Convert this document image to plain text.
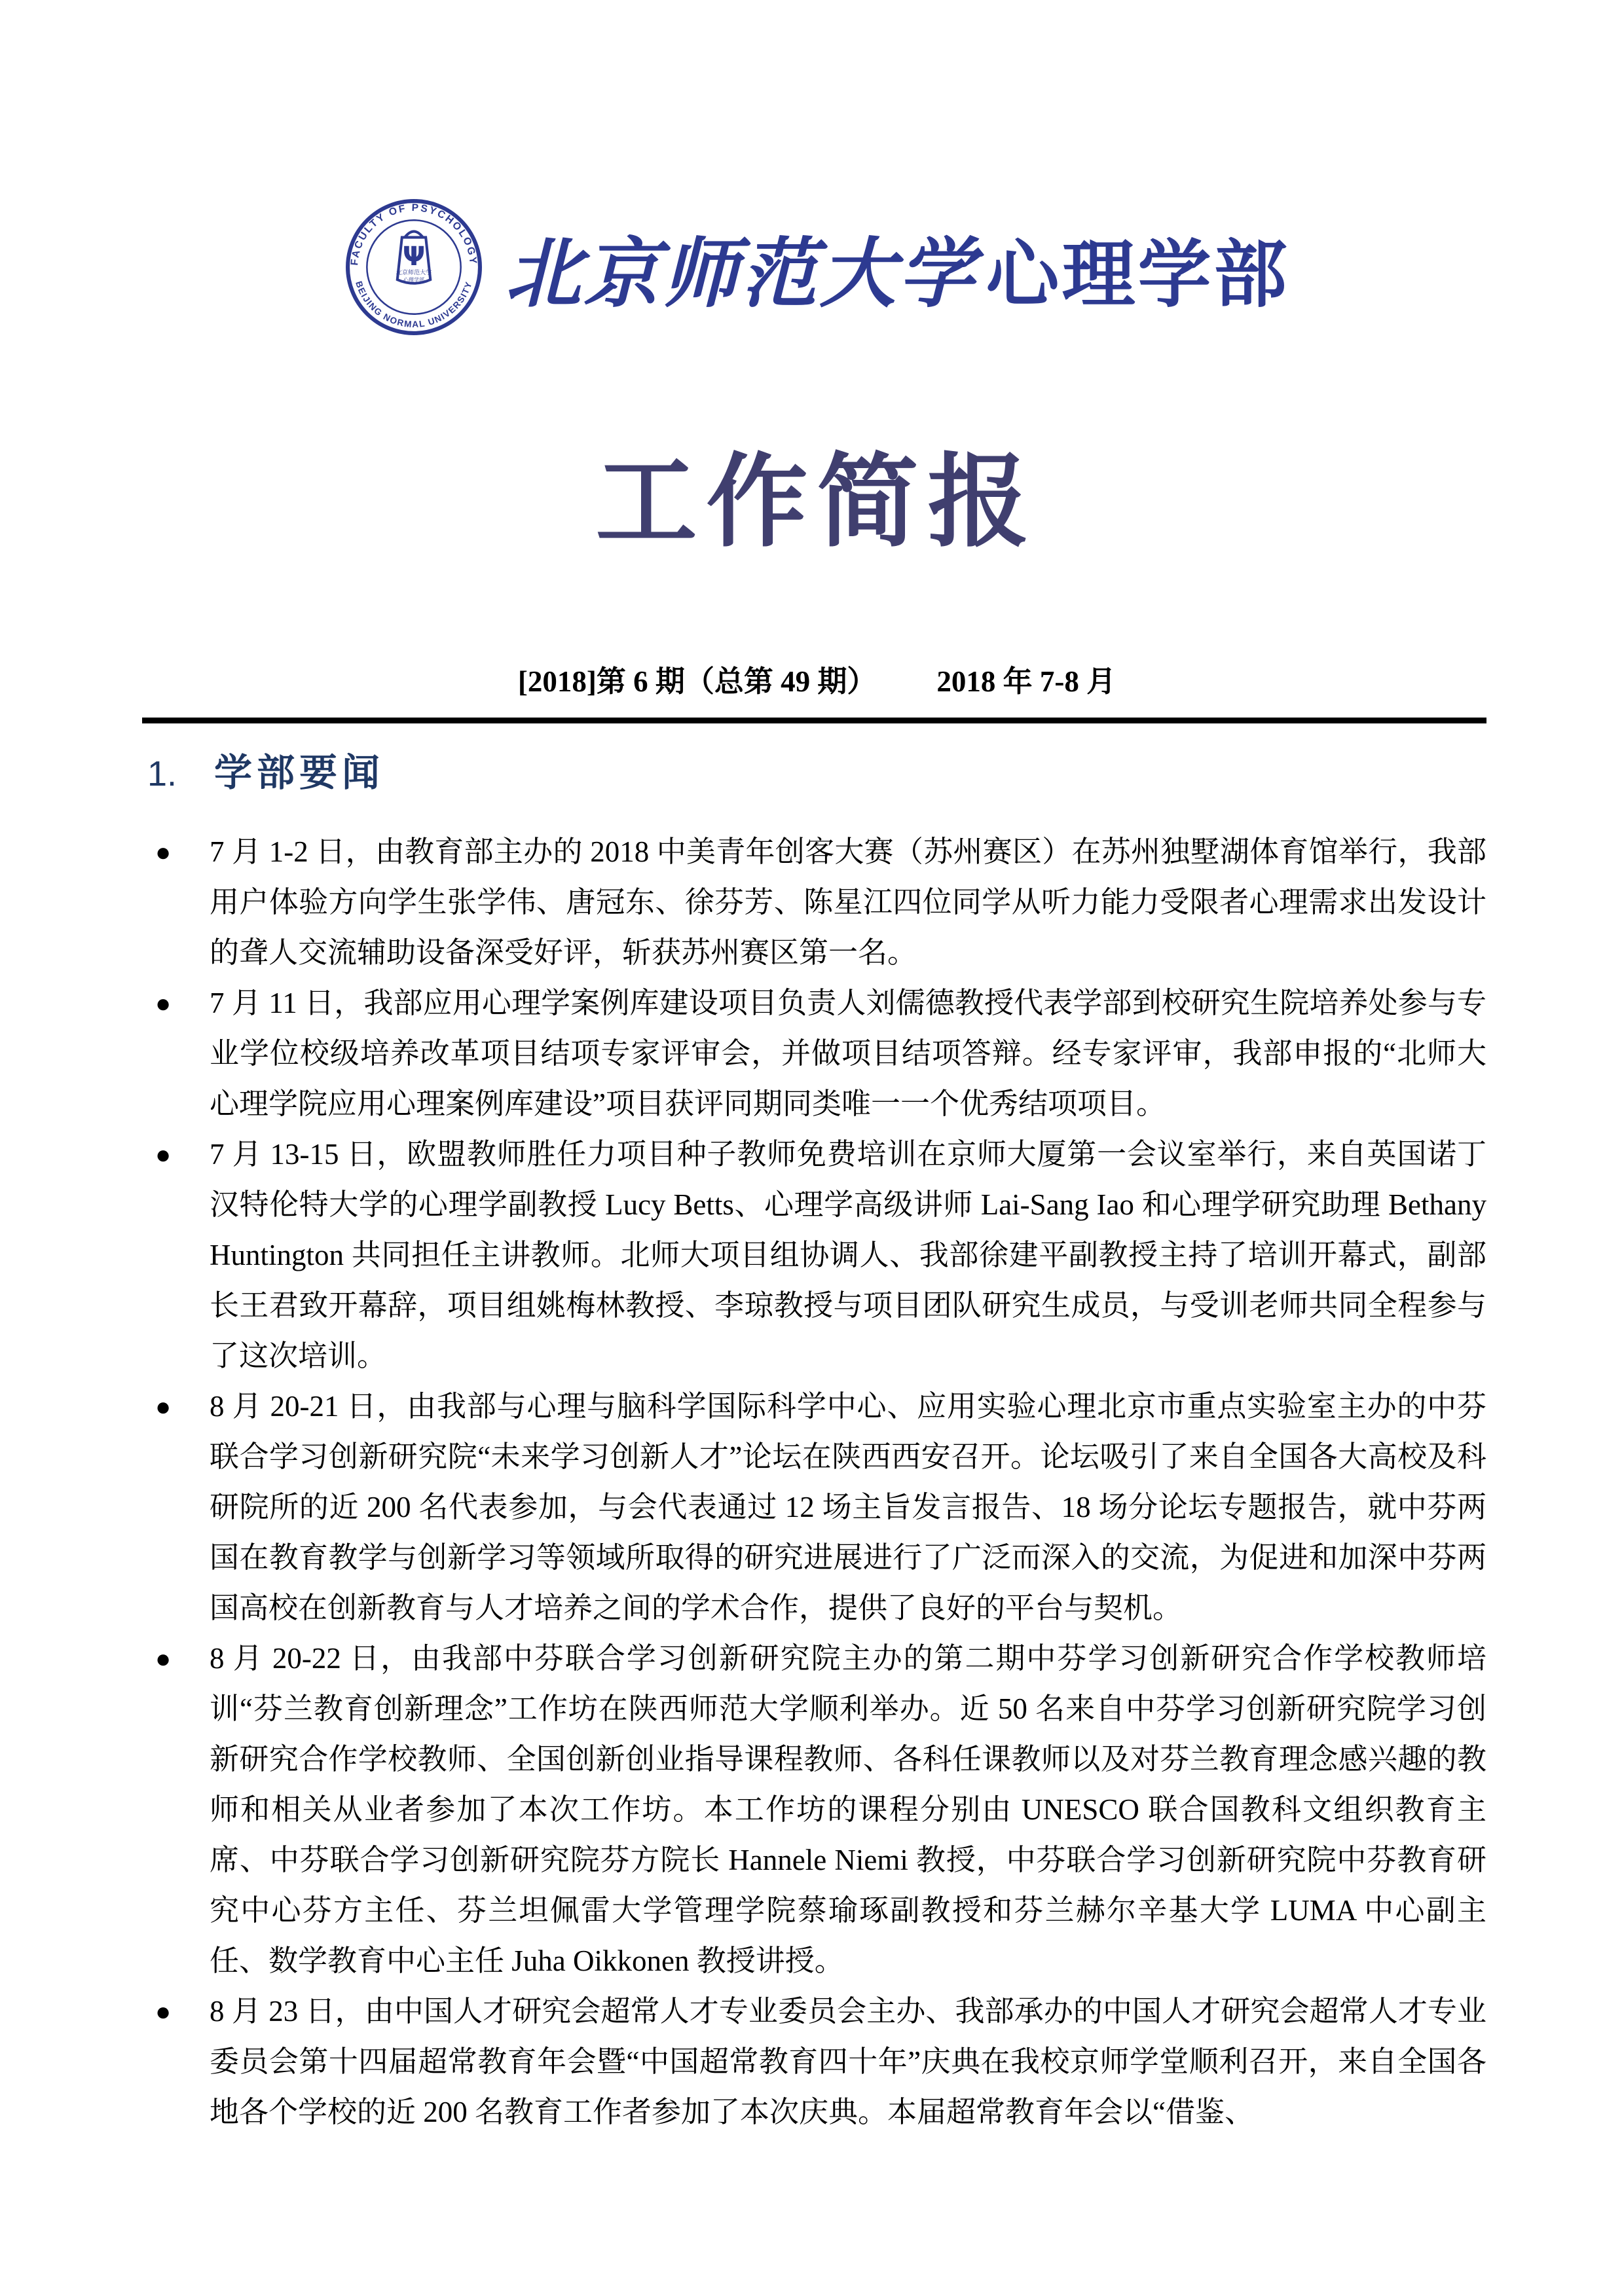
FACULTY OF PSYCHOLOGY
BEIJING NORMAL UNIVERSITY
Ψ
北京师范大学
心理学部 北京师范大学 心理学部
工作简报
[2018]第 6 期（总第 49 期） 2018 年 7-8 月
1. 学部要闻
● 7 月 1-2 日，由教育部主办的 2018 中美青年创客大赛（苏州赛区）在苏州独墅湖体育馆举行，我部用户体验方向学生张学伟、唐冠东、徐芬芳、陈星江四位同学从听力能力受限者心理需求出发设计的聋人交流辅助设备深受好评，斩获苏州赛区第一名。
● 7 月 11 日，我部应用心理学案例库建设项目负责人刘儒德教授代表学部到校研究生院培养处参与专业学位校级培养改革项目结项专家评审会，并做项目结项答辩。经专家评审，我部申报的“北师大心理学院应用心理案例库建设”项目获评同期同类唯一一个优秀结项项目。
● 7 月 13-15 日，欧盟教师胜任力项目种子教师免费培训在京师大厦第一会议室举行，来自英国诺丁汉特伦特大学的心理学副教授 Lucy Betts、心理学高级讲师 Lai-Sang Iao 和心理学研究助理 Bethany Huntington 共同担任主讲教师。北师大项目组协调人、我部徐建平副教授主持了培训开幕式，副部长王君致开幕辞，项目组姚梅林教授、李琼教授与项目团队研究生成员，与受训老师共同全程参与了这次培训。
● 8 月 20-21 日，由我部与心理与脑科学国际科学中心、应用实验心理北京市重点实验室主办的中芬联合学习创新研究院“未来学习创新人才”论坛在陕西西安召开。论坛吸引了来自全国各大高校及科研院所的近 200 名代表参加，与会代表通过 12 场主旨发言报告、18 场分论坛专题报告，就中芬两国在教育教学与创新学习等领域所取得的研究进展进行了广泛而深入的交流，为促进和加深中芬两国高校在创新教育与人才培养之间的学术合作，提供了良好的平台与契机。
● 8 月 20-22 日，由我部中芬联合学习创新研究院主办的第二期中芬学习创新研究合作学校教师培训“芬兰教育创新理念”工作坊在陕西师范大学顺利举办。近 50 名来自中芬学习创新研究院学习创新研究合作学校教师、全国创新创业指导课程教师、各科任课教师以及对芬兰教育理念感兴趣的教师和相关从业者参加了本次工作坊。本工作坊的课程分别由 UNESCO 联合国教科文组织教育主席、中芬联合学习创新研究院芬方院长 Hannele Niemi 教授，中芬联合学习创新研究院中芬教育研究中心芬方主任、芬兰坦佩雷大学管理学院蔡瑜琢副教授和芬兰赫尔辛基大学 LUMA 中心副主任、数学教育中心主任 Juha Oikkonen 教授讲授。
● 8 月 23 日，由中国人才研究会超常人才专业委员会主办、我部承办的中国人才研究会超常人才专业委员会第十四届超常教育年会暨“中国超常教育四十年”庆典在我校京师学堂顺利召开，来自全国各地各个学校的近 200 名教育工作者参加了本次庆典。本届超常教育年会以“借鉴、
